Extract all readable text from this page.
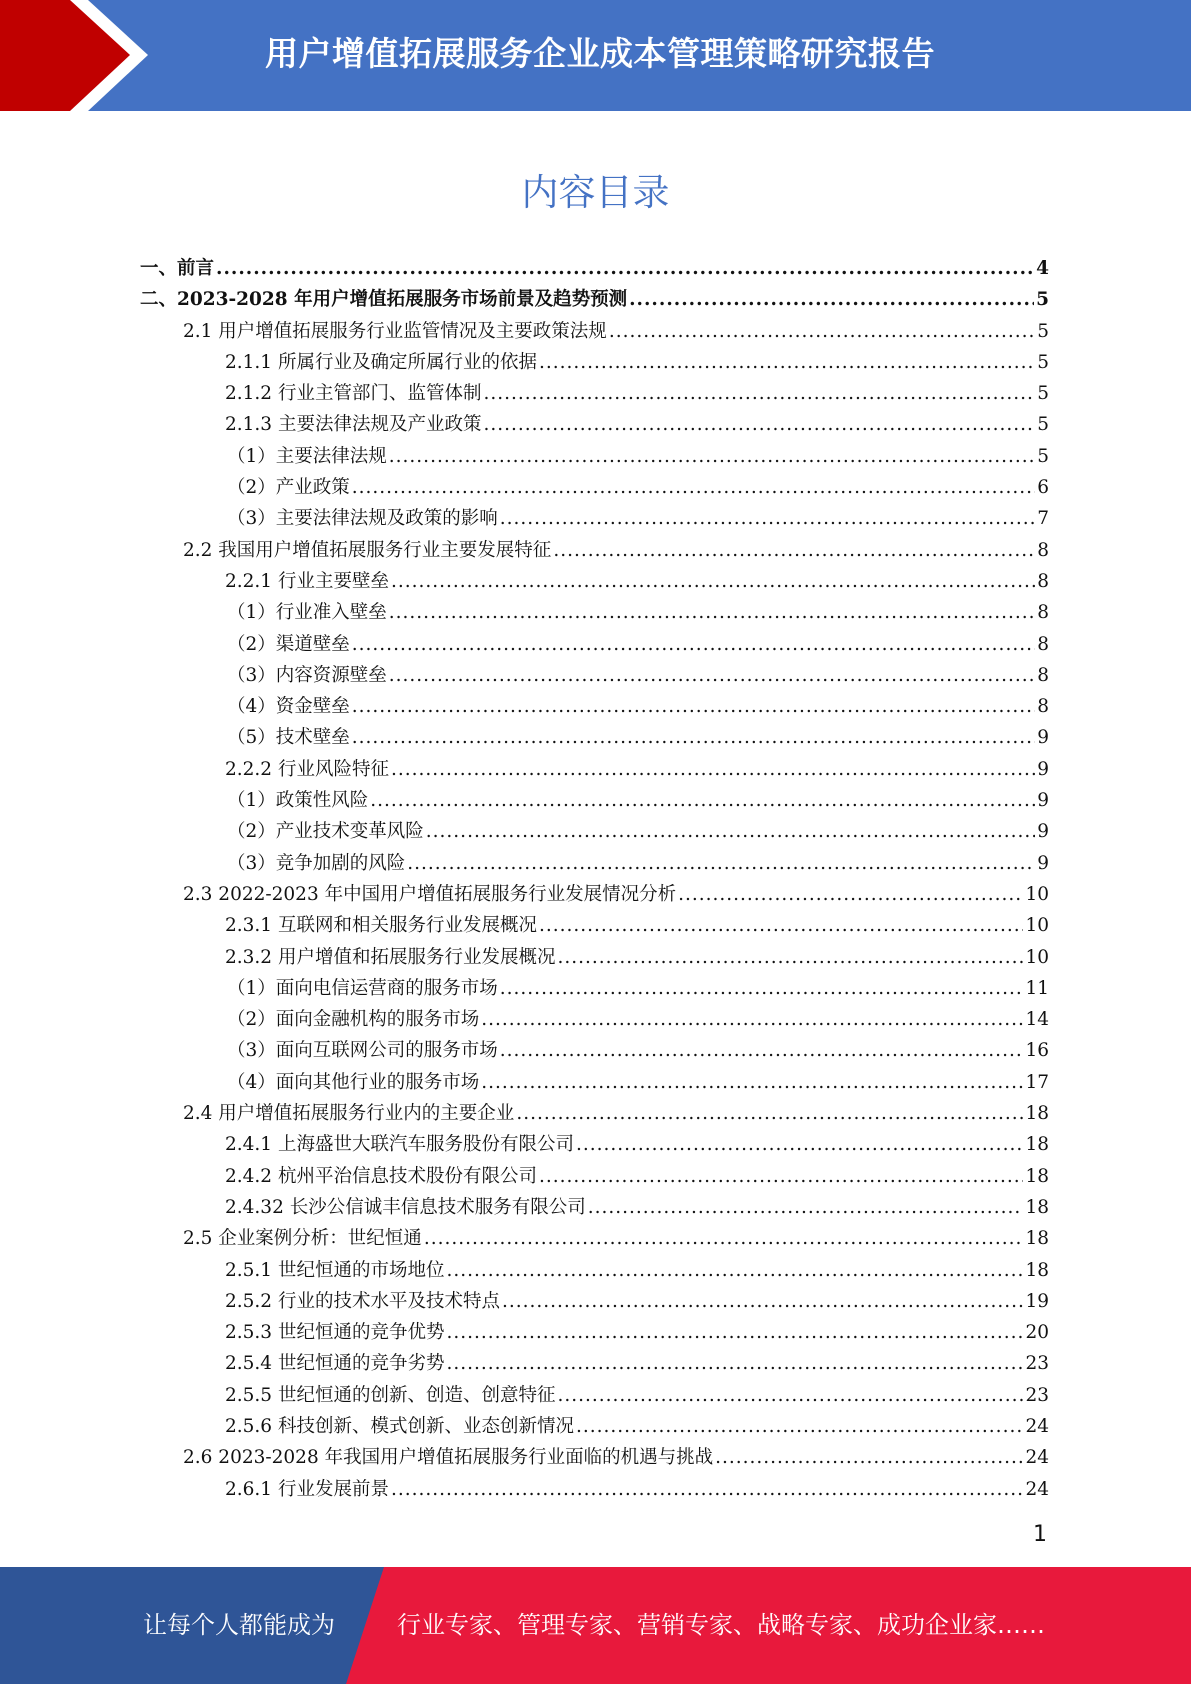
用户增值拓展服务企业成本管理策略研究报告
内容目录
一、前言 .....	4
二、2023-2028 年用户增值拓展服务市场前景及趋势预测 .....	5
2.1 用户增值拓展服务行业监管情况及主要政策法规 .....	5
2.1.1 所属行业及确定所属行业的依据 .....	5
2.1.2 行业主管部门、监管体制 .....	5
2.1.3 主要法律法规及产业政策 .....	5
（1）主要法律法规 .....	5
（2）产业政策 .....	6
（3）主要法律法规及政策的影响 .....	7
2.2 我国用户增值拓展服务行业主要发展特征 .....	8
2.2.1 行业主要壁垒 .....	8
（1）行业准入壁垒 .....	8
（2）渠道壁垒 .....	8
（3）内容资源壁垒 .....	8
（4）资金壁垒 .....	8
（5）技术壁垒 .....	9
2.2.2 行业风险特征 .....	9
（1）政策性风险 .....	9
（2）产业技术变革风险 .....	9
（3）竞争加剧的风险 .....	9
2.3 2022-2023 年中国用户增值拓展服务行业发展情况分析 .....	10
2.3.1 互联网和相关服务行业发展概况 .....	10
2.3.2 用户增值和拓展服务行业发展概况 .....	10
（1）面向电信运营商的服务市场 .....	11
（2）面向金融机构的服务市场 .....	14
（3）面向互联网公司的服务市场 .....	16
（4）面向其他行业的服务市场 .....	17
2.4 用户增值拓展服务行业内的主要企业 .....	18
2.4.1 上海盛世大联汽车服务股份有限公司 .....	18
2.4.2 杭州平治信息技术股份有限公司 .....	18
2.4.32 长沙公信诚丰信息技术服务有限公司 .....	18
2.5 企业案例分析：世纪恒通 .....	18
2.5.1 世纪恒通的市场地位 .....	18
2.5.2 行业的技术水平及技术特点 .....	19
2.5.3 世纪恒通的竞争优势 .....	20
2.5.4 世纪恒通的竞争劣势 .....	23
2.5.5 世纪恒通的创新、创造、创意特征 .....	23
2.5.6 科技创新、模式创新、业态创新情况 .....	24
2.6 2023-2028 年我国用户增值拓展服务行业面临的机遇与挑战 .....	24
2.6.1 行业发展前景 .....	24
1
让每个人都能成为	行业专家、管理专家、营销专家、战略专家、成功企业家……
